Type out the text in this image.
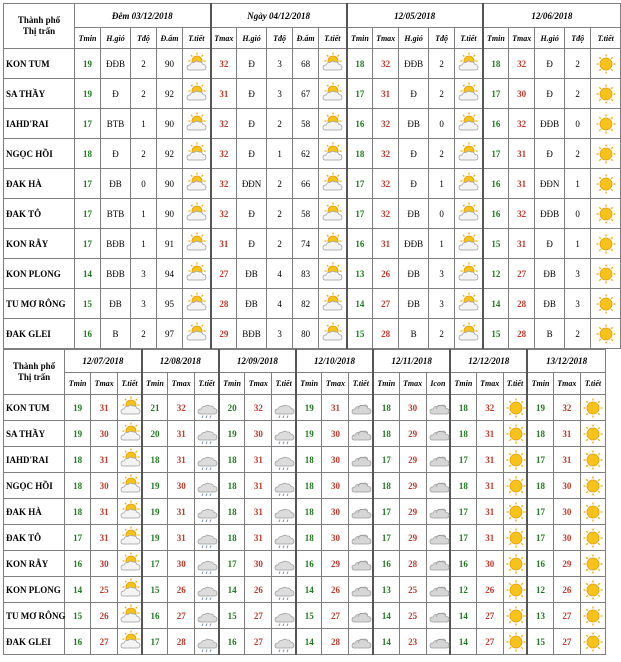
Thành phố
Thị trấn	Đêm 03/12/2018					Ngày 04/12/2018					12/05/2018					12/06/2018				
	Tmin	H.gió	Tđộ	Đ.ẩm	T.tiết	Tmax	H.gió	Tđộ	Đ.ẩm	T.tiết	Tmin	Tmax	H.gió	Tđộ	T.tiết	Tmin	Tmax	H.gió	Tđộ	T.tiết
KON TUM	19	ĐĐB	2	90		32	Đ	3	68		18	32	ĐĐB	2		18	32	Đ	2	

SA THẦY	19	Đ	2	92		31	Đ	3	67		17	31	Đ	2		17	30	Đ	2	

IAHD'RAI	17	BTB	1	90		32	Đ	2	58		16	32	ĐB	0		16	32	ĐĐB	0	

NGỌC HỒI	18	Đ	2	92		32	Đ	1	62		18	32	Đ	2		17	31	Đ	2	

ĐAK HÀ	17	ĐB	0	90		32	ĐĐN	2	66		17	32	Đ	1		16	31	ĐĐN	1	

ĐAK TÔ	17	BTB	1	90		32	Đ	2	58		17	32	ĐB	0		16	32	ĐĐB	0	

KON RẪY	17	BĐB	1	91		31	Đ	2	74		16	31	ĐĐB	1		15	31	Đ	1	

KON PLONG	14	BĐB	3	94		27	ĐB	4	83		13	26	ĐB	3		12	27	ĐB	3	

TU MƠ RÔNG	15	ĐB	3	95		28	ĐB	4	82		14	27	ĐB	3		14	28	ĐB	3	

ĐAK GLEI	16	B	2	97		29	BĐB	3	80		15	28	B	2		15	28	B	2	
Thành phố
Thị trấn	12/07/2018			12/08/2018			12/09/2018			12/10/2018			12/11/2018			12/12/2018			13/12/2018		
	Tmin	Tmax	T.tiết	Tmin	Tmax	T.tiết	Tmin	Tmax	T.tiết	Tmin	Tmax	T.tiết	Tmin	Tmax	Icon	Tmin	Tmax	T.tiết	Tmin	Tmax	T.tiết
KON TUM	19	31		21	32		20	32		19	31		18	30		18	32		19	32	

SA THẦY	19	30		20	31		19	30		19	30		18	29		18	31		18	31	

IAHD'RAI	18	31		18	31		18	31		18	30		17	29		17	31		17	31	

NGỌC HỒI	18	30		19	30		18	31		18	30		18	29		18	31		18	30	

ĐAK HÀ	18	31		19	31		18	31		18	30		17	29		17	31		17	30	

ĐAK TÔ	17	31		19	31		18	31		18	30		17	29		17	31		17	30	

KON RẪY	16	30		17	30		17	30		16	29		16	28		16	30		16	29	

KON PLONG	14	25		15	26		14	26		14	26		13	25		12	26		12	26	

TU MƠ RÔNG	15	26		16	27		15	27		15	27		14	25		14	27		13	27	

ĐAK GLEI	16	27		17	28		16	27		14	28		14	23		14	27		15	27	
